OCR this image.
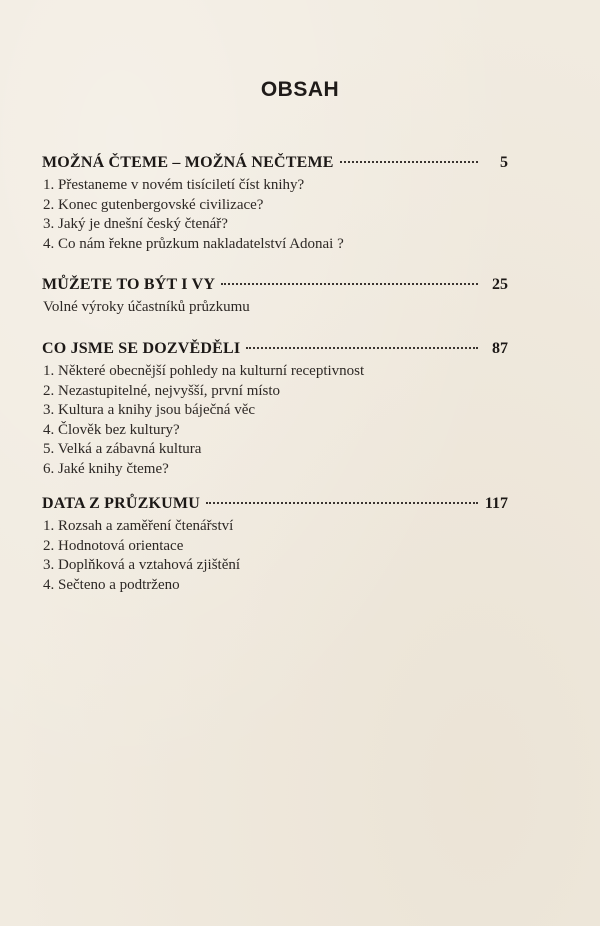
OBSAH
MOŽNÁ ČTEME – MOŽNÁ NEČTEME	5
1. Přestaneme v novém tisíciletí číst knihy?
2. Konec gutenbergovské civilizace?
3. Jaký je dnešní český čtenář?
4. Co nám řekne průzkum nakladatelství Adonai ?
MŮŽETE TO BÝT I VY	25
Volné výroky účastníků průzkumu
CO JSME SE DOZVĚDĚLI	87
1. Některé obecnější pohledy na kulturní receptivnost
2. Nezastupitelné, nejvyšší, první místo
3. Kultura a knihy jsou báječná věc
4. Člověk bez kultury?
5. Velká a zábavná kultura
6. Jaké knihy čteme?
DATA Z PRŮZKUMU	117
1. Rozsah a zaměření čtenářství
2. Hodnotová orientace
3. Doplňková a vztahová zjištění
4. Sečteno a podtrženo
